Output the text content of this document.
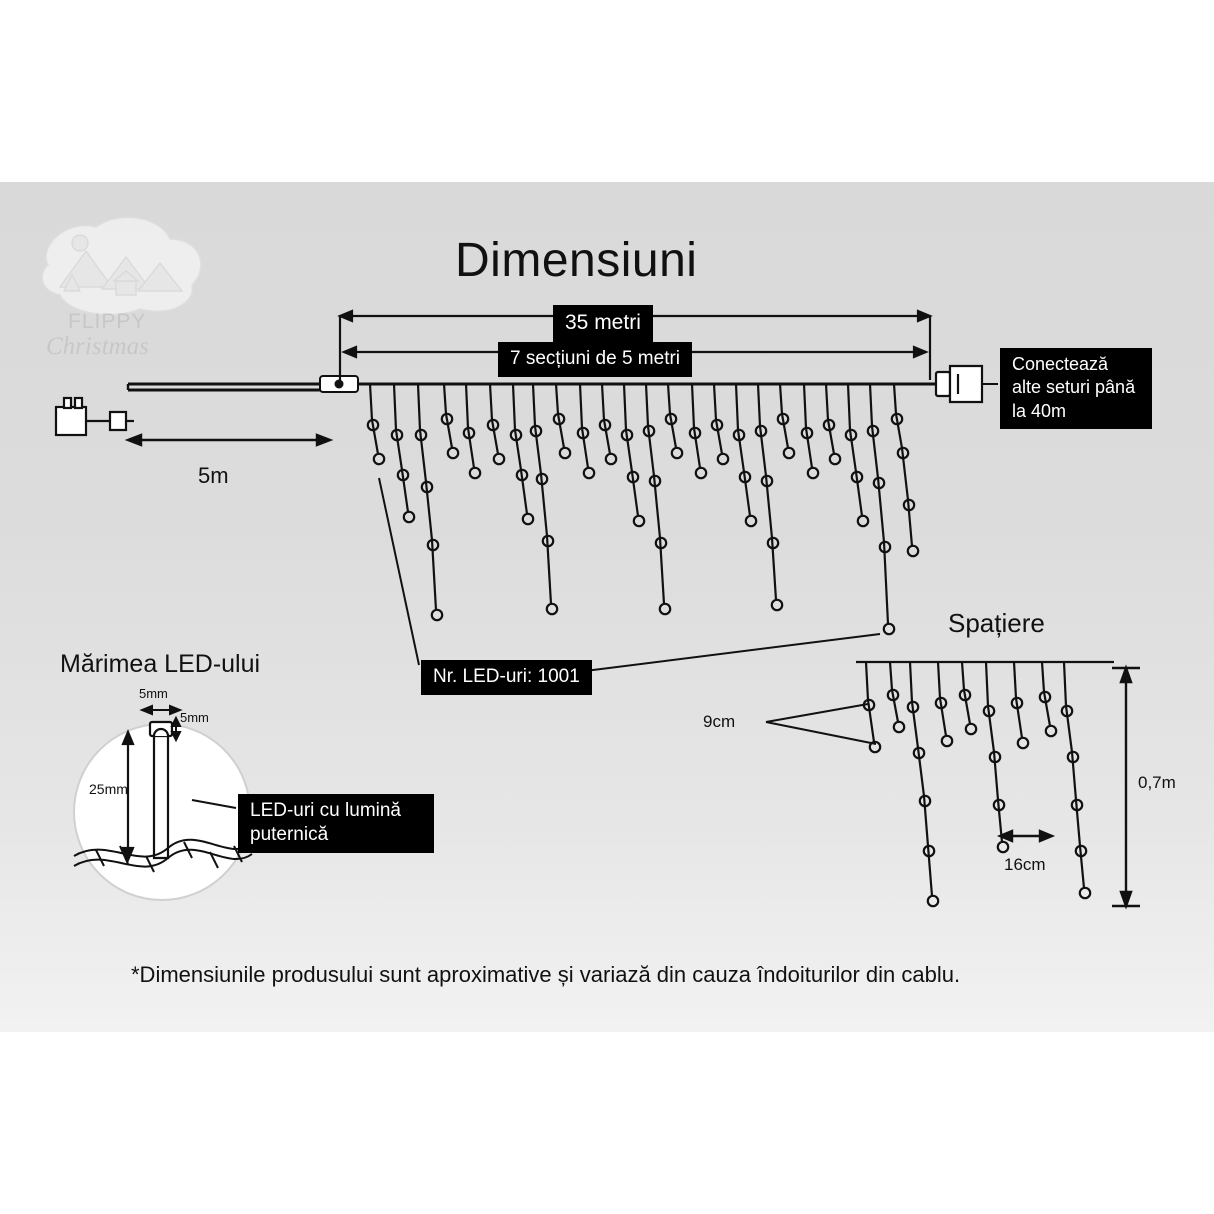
Dimensiuni
35 metri
7 secțiuni de 5 metri	Conectează alte seturi până la 40m
5m
Nr. LED-uri: 1001
Spațiere
9cm
16cm
0,7m
Mărimea LED-ului
5mm
5mm
25mm
LED-uri cu lumină puternică
*Dimensiunile produsului sunt aproximative și variază din cauza îndoiturilor din cablu.
FLIPPY
Christmas
